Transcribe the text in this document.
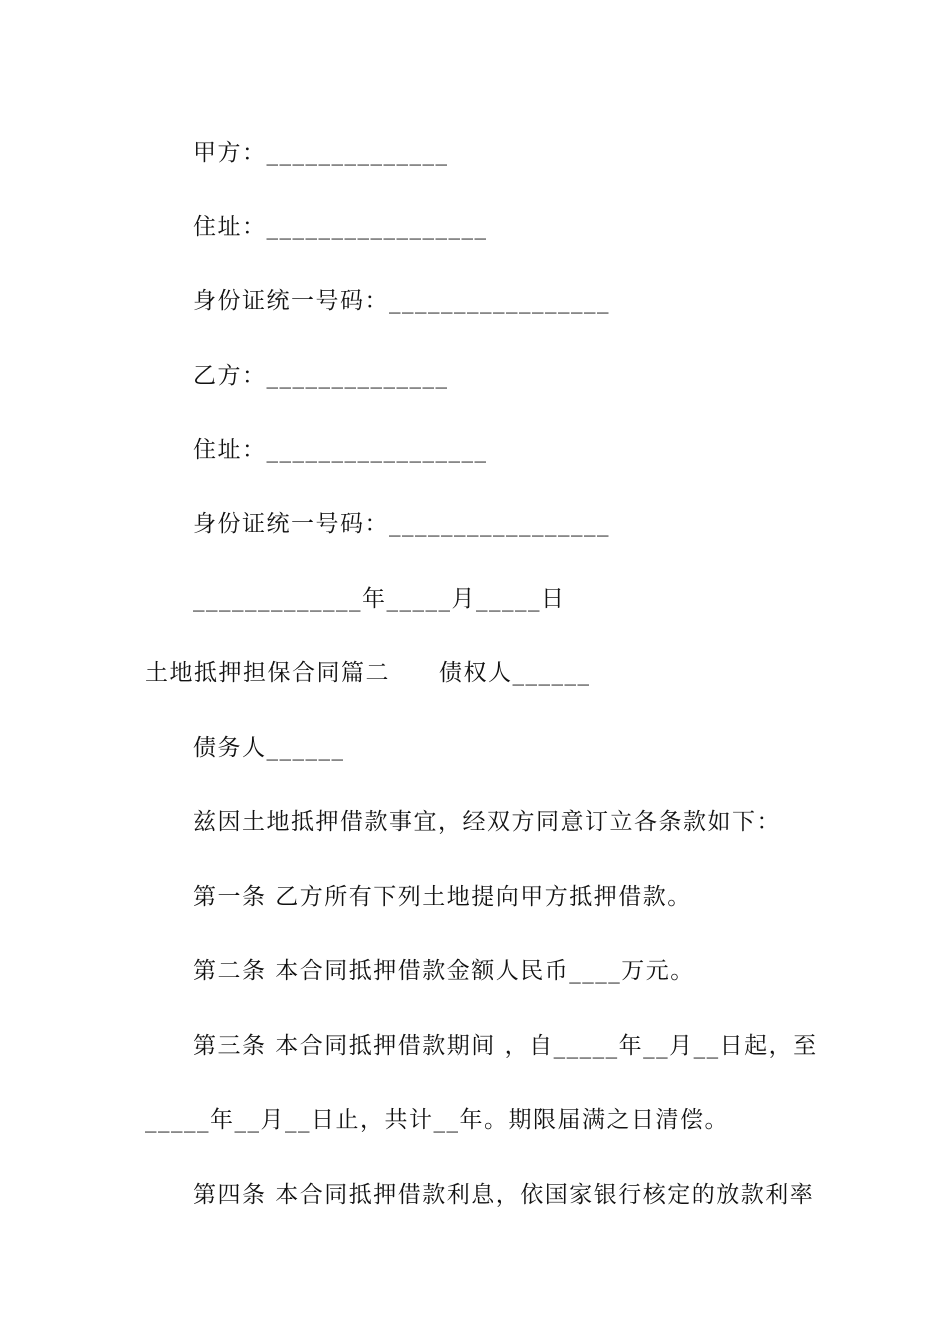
甲方：______________
住址：_________________
身份证统一号码：_________________
乙方：______________
住址：_________________
身份证统一号码：_________________
_____________年_____月_____日
土地抵押担保合同篇二　　债权人______
债务人______
兹因土地抵押借款事宜，经双方同意订立各条款如下：
第一条 乙方所有下列土地提向甲方抵押借款。
第二条 本合同抵押借款金额人民币____万元。
第三条 本合同抵押借款期间 ，自_____年__月__日起，至
_____年__月__日止，共计__年。期限届满之日清偿。
第四条 本合同抵押借款利息，依国家银行核定的放款利率
